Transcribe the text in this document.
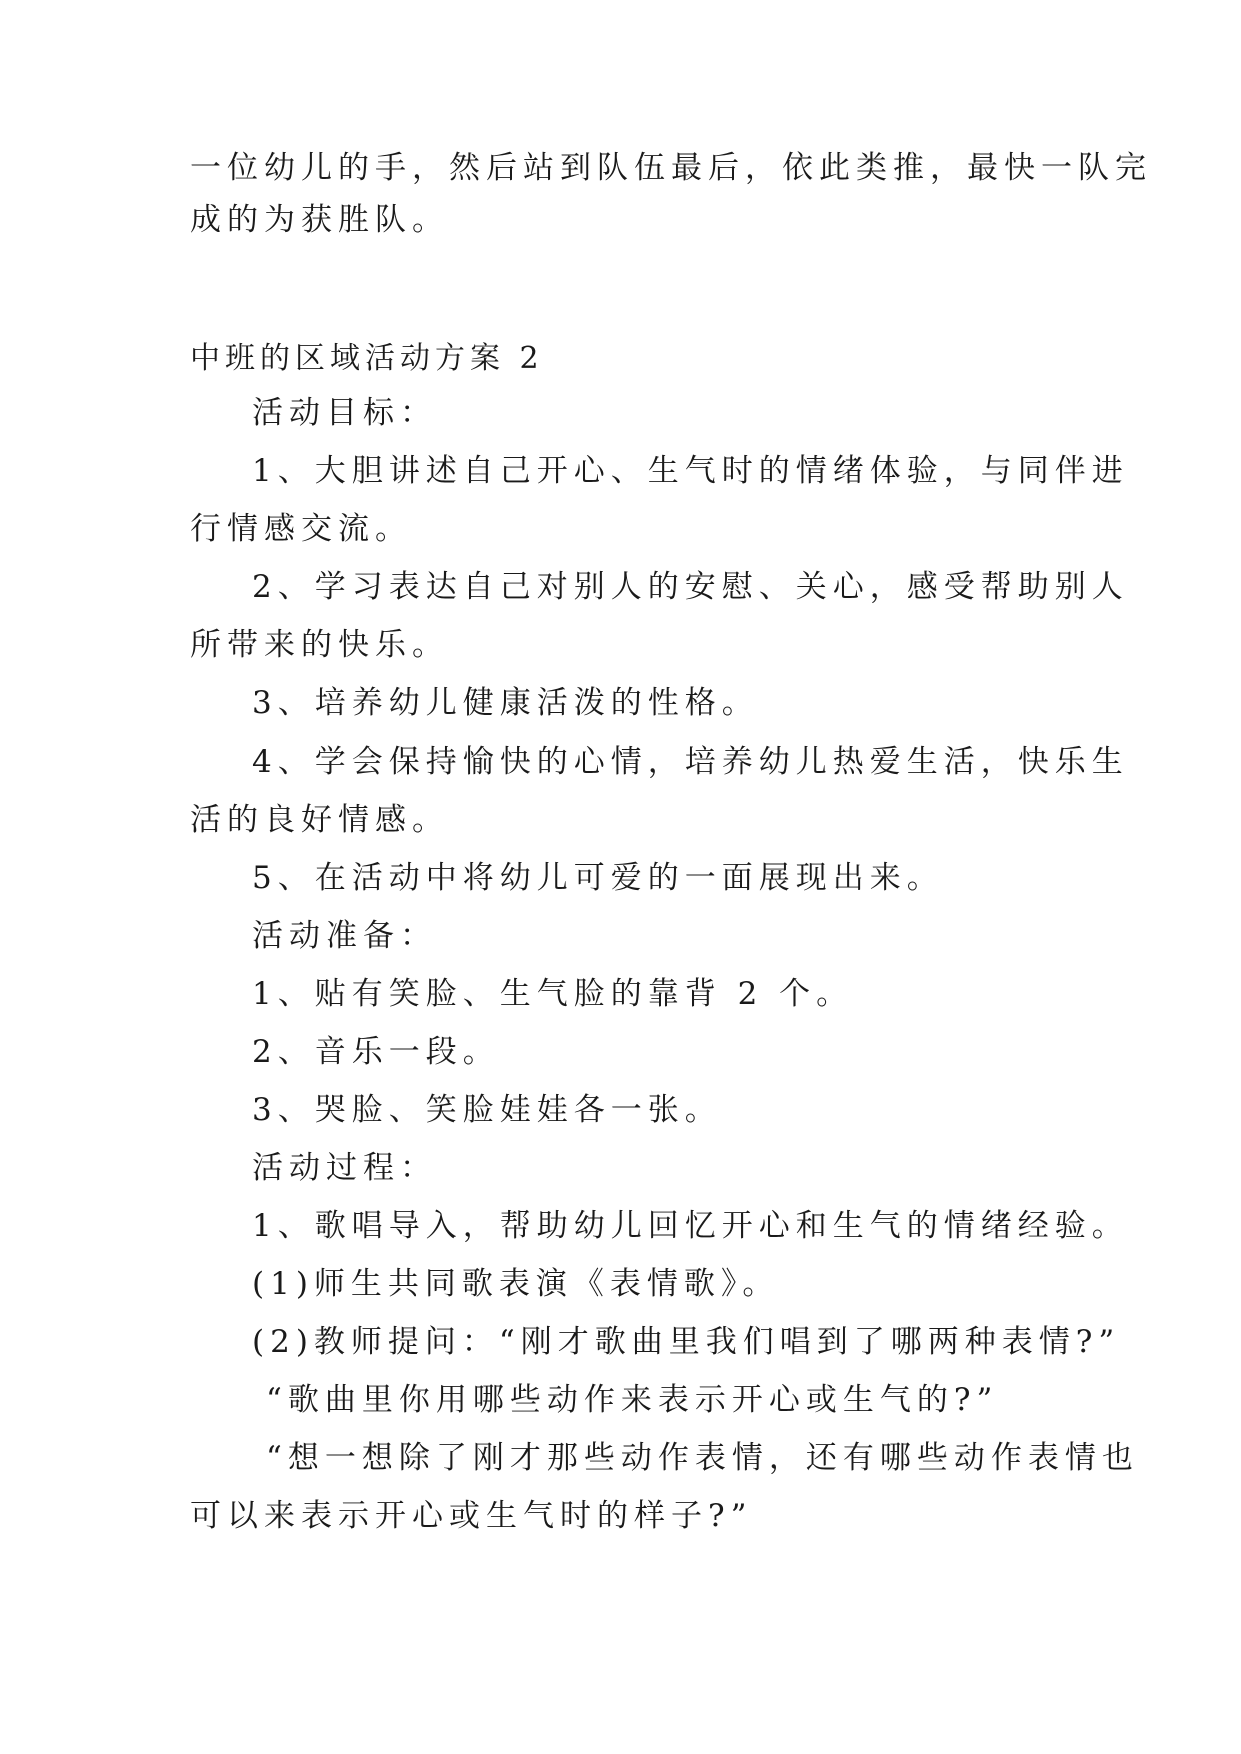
一位幼儿的手，然后站到队伍最后，依此类推，最快一队完
成的为获胜队。
中班的区域活动方案 2
活动目标：
1、大胆讲述自己开心、生气时的情绪体验，与同伴进
行情感交流。
2、学习表达自己对别人的安慰、关心，感受帮助别人
所带来的快乐。
3、培养幼儿健康活泼的性格。
4、学会保持愉快的心情，培养幼儿热爱生活，快乐生
活的良好情感。
5、在活动中将幼儿可爱的一面展现出来。
活动准备：
1、贴有笑脸、生气脸的靠背 2 个。
2、音乐一段。
3、哭脸、笑脸娃娃各一张。
活动过程：
1、歌唱导入，帮助幼儿回忆开心和生气的情绪经验。
(1)师生共同歌表演《表情歌》。
(2)教师提问：“刚才歌曲里我们唱到了哪两种表情?”
“歌曲里你用哪些动作来表示开心或生气的?”
“想一想除了刚才那些动作表情，还有哪些动作表情也
可以来表示开心或生气时的样子?”
